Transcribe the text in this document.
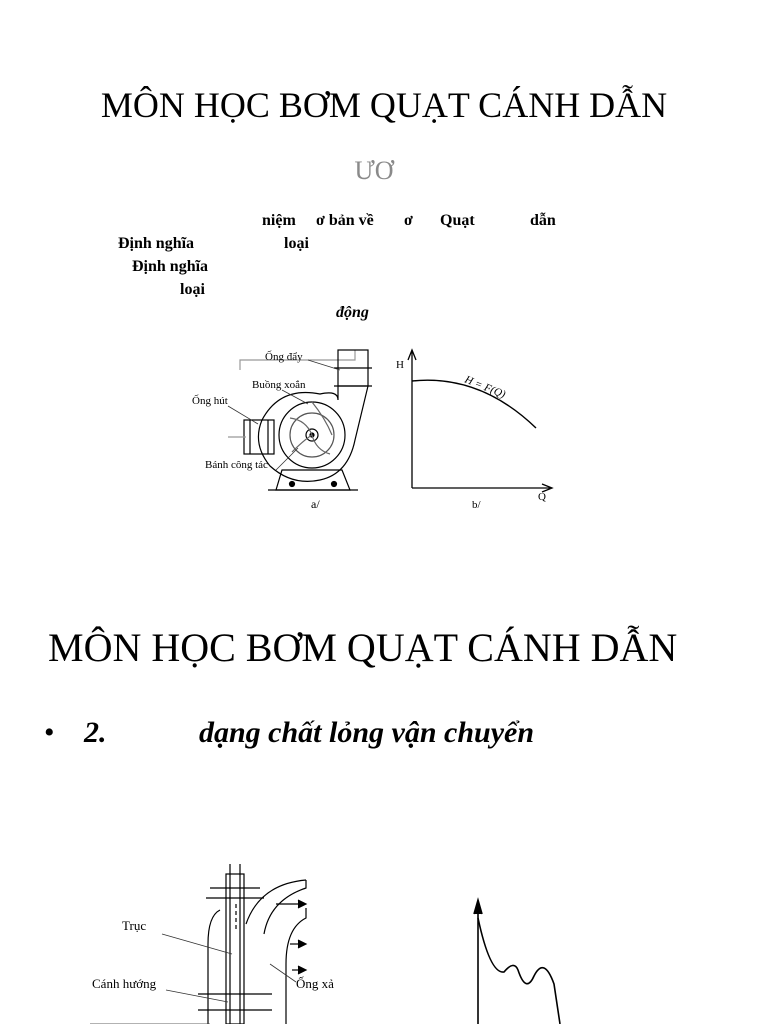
MÔN HỌC BƠM QUẠT CÁNH DẪN
ƯƠ
niệm ơ bản về ơ Quạt	dẫn
Định nghĩa	loại
Định nghĩa
loại
động
Ống đẩy
Buồng xoắn
Ống hút
Bánh công tác
a/
H
Q
H = F(Q)
b/
MÔN HỌC BƠM QUẠT CÁNH DẪN
• 2.	dạng chất lỏng vận chuyển
Trục
Cánh hướng	Ống xả
